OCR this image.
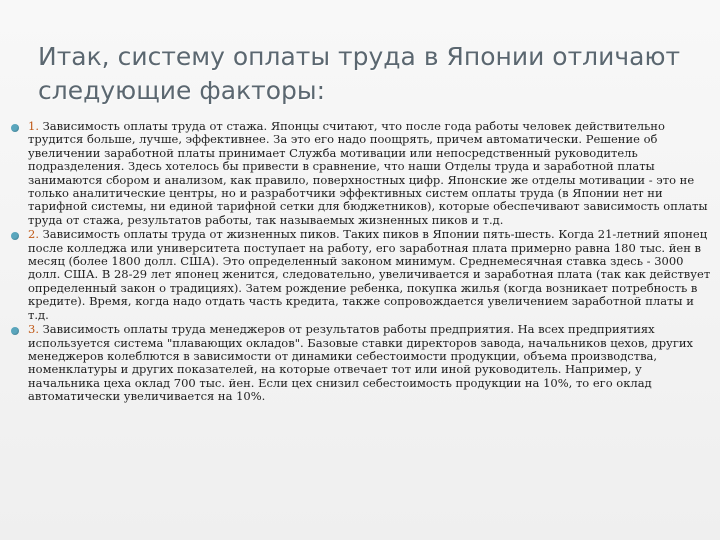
Итак, систему оплаты труда в Японии отличают следующие факторы:
1. Зависимость оплаты труда от стажа. Японцы считают, что после года работы человек действительно трудится больше, лучше, эффективнее. За это его надо поощрять, причем автоматически. Решение об увеличении заработной платы принимает Служба мотивации или непосредственный руководитель подразделения. Здесь хотелось бы привести в сравнение, что наши Отделы труда и заработной платы занимаются сбором и анализом, как правило, поверхностных цифр. Японские же отделы мотивации - это не только аналитические центры, но и разработчики эффективных систем оплаты труда (в Японии нет ни тарифной системы, ни единой тарифной сетки для бюджетников), которые обеспечивают зависимость оплаты труда от стажа, результатов работы, так называемых жизненных пиков и т.д.
2. Зависимость оплаты труда от жизненных пиков. Таких пиков в Японии пять-шесть. Когда 21-летний японец после колледжа или университета поступает на работу, его заработная плата примерно равна 180 тыс. йен в месяц (более 1800 долл. США). Это определенный законом минимум. Среднемесячная ставка здесь - 3000 долл. США. В 28-29 лет японец женится, следовательно, увеличивается и заработная плата (так как действует определенный закон о традициях). Затем рождение ребенка, покупка жилья (когда возникает потребность в кредите). Время, когда надо отдать часть кредита, также сопровождается увеличением заработной платы и т.д.
3. Зависимость оплаты труда менеджеров от результатов работы предприятия. На всех предприятиях используется система "плавающих окладов". Базовые ставки директоров завода, начальников цехов, других менеджеров колеблются в зависимости от динамики себестоимости продукции, объема производства, номенклатуры и других показателей, на которые отвечает тот или иной руководитель. Например, у начальника цеха оклад 700 тыс. йен. Если цех снизил себестоимость продукции на 10%, то его оклад автоматически увеличивается на 10%.
